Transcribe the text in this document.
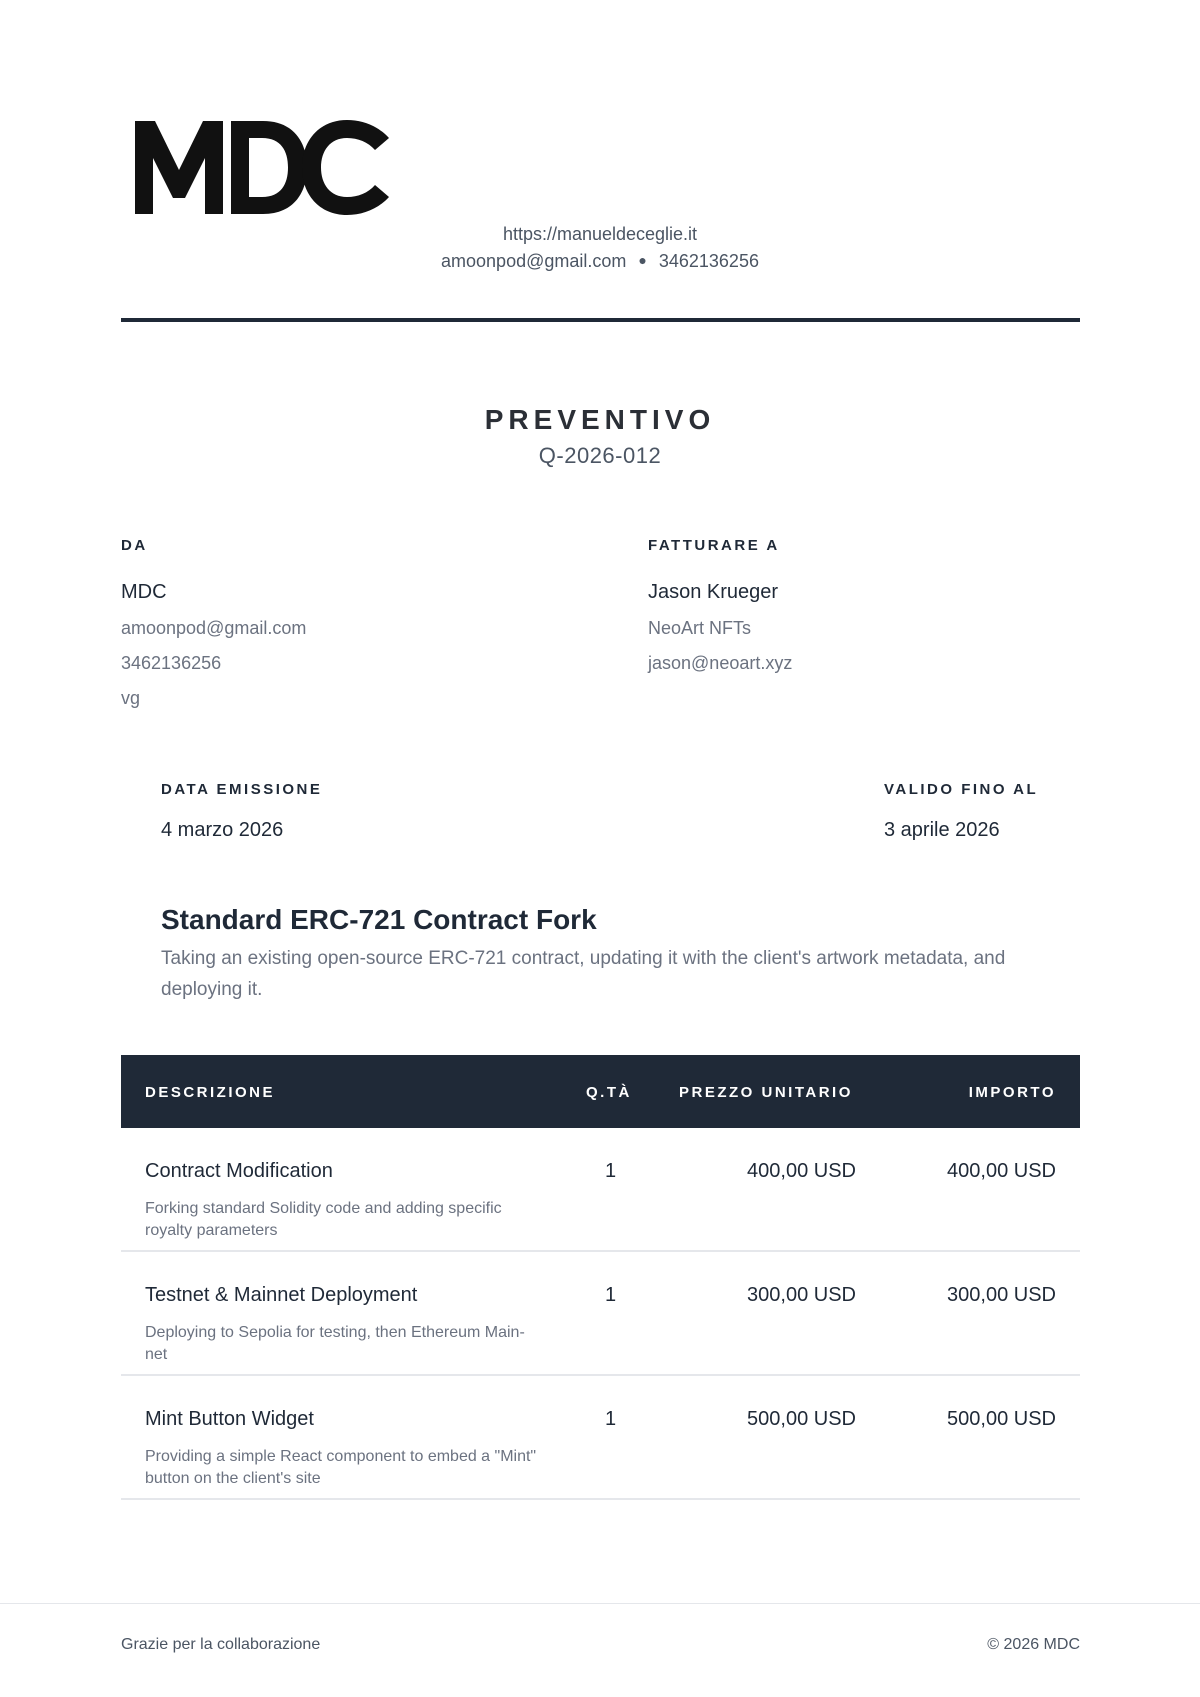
https://manueldeceglie.it
amoonpod@gmail.com ● 3462136256
PREVENTIVO
Q-2026-012
DA
MDC
amoonpod@gmail.com
3462136256
vg
FATTURARE A
Jason Krueger
NeoArt NFTs
jason@neoart.xyz
DATA EMISSIONE
4 marzo 2026
VALIDO FINO AL
3 aprile 2026
Standard ERC-721 Contract Fork
Taking an existing open-source ERC-721 contract, updating it with the client's artwork metadata, and deploying it.
DESCRIZIONE	Q.TÀ	PREZZO UNITARIO	IMPORTO
Contract Modification
Forking standard Solidity code and adding specific royalty parameters
1	400,00 USD	400,00 USD
Testnet & Mainnet Deployment
Deploying to Sepolia for testing, then Ethereum Main-net
1	300,00 USD	300,00 USD
Mint Button Widget
Providing a simple React component to embed a "Mint" button on the client's site
1	500,00 USD	500,00 USD
Grazie per la collaborazione	© 2026 MDC
